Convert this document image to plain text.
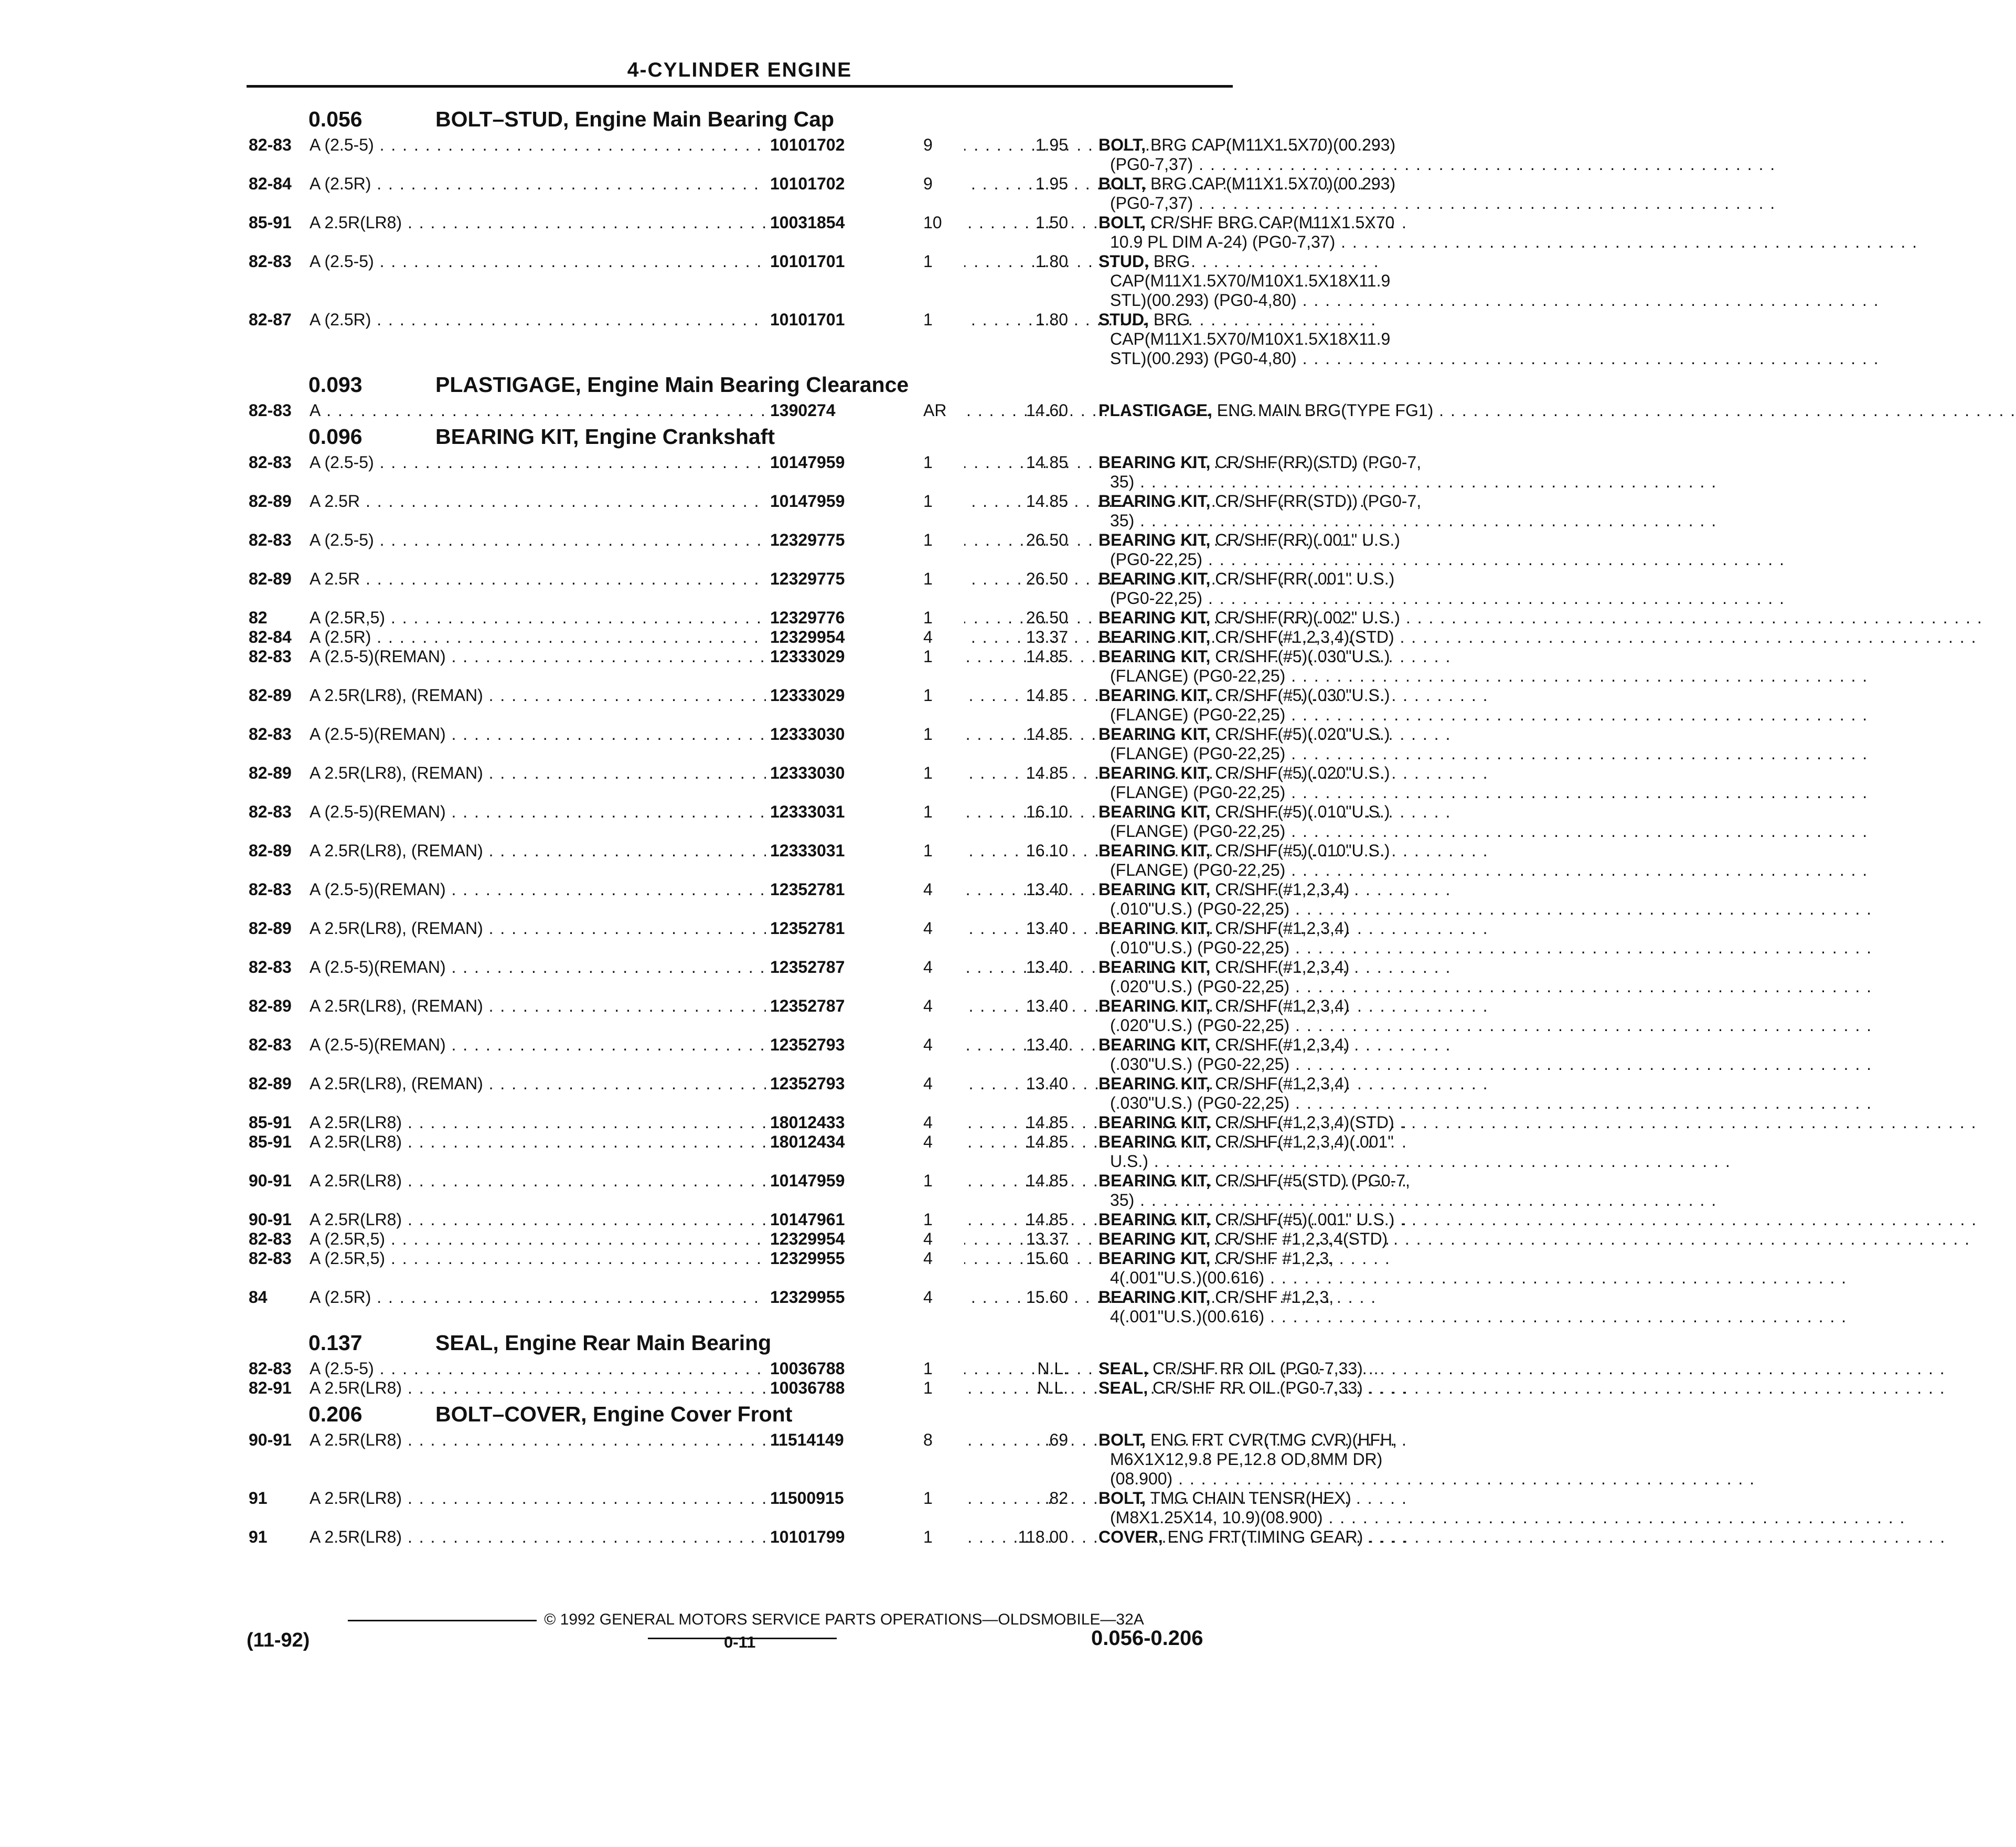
4-CYLINDER ENGINE
0.056	BOLT–STUD, Engine Main Bearing Cap
82-83 A (2.5-5) . . .	10101702	9	1.95 BOLT, BRG CAP(M11X1.5X70)(00.293)
(PG0-7,37) . . .
82-84 A (2.5R) . . .	10101702	9	1.95 BOLT, BRG CAP(M11X1.5X70)(00.293)
(PG0-7,37) . . .
85-91 A 2.5R(LR8) . . .	10031854	10	1.50 BOLT, CR/SHF BRG CAP(M11X1.5X70
10.9 PL DIM A-24) (PG0-7,37) . . .
82-83 A (2.5-5) . . .	10101701	1	1.80 STUD, BRG
CAP(M11X1.5X70/M10X1.5X18X11.9
STL)(00.293) (PG0-4,80) . . .
82-87 A (2.5R) . . .	10101701	1	1.80 STUD, BRG
CAP(M11X1.5X70/M10X1.5X18X11.9
STL)(00.293) (PG0-4,80) . . .
0.093	PLASTIGAGE, Engine Main Bearing Clearance
82-83 A . . .	1390274	AR	14.60 PLASTIGAGE, ENG MAIN BRG(TYPE FG1) . . .
0.096	BEARING KIT, Engine Crankshaft
82-83 A (2.5-5) . . .	10147959	1	14.85 BEARING KIT, CR/SHF(RR)(STD) (PG0-7,
35) . . .
82-89 A 2.5R . . .	10147959	1	14.85 BEARING KIT, CR/SHF(RR(STD)) (PG0-7,
35) . . .
82-83 A (2.5-5) . . .	12329775	1	26.50 BEARING KIT, CR/SHF(RR)(.001" U.S.)
(PG0-22,25) . . .
82-89 A 2.5R . . .	12329775	1	26.50 BEARING KIT, CR/SHF(RR(.001" U.S.)
(PG0-22,25) . . .
82	A (2.5R,5) . . .	12329776	1	26.50 BEARING KIT, CR/SHF(RR)(.002" U.S.) . . .
82-84 A (2.5R) . . .	12329954	4	13.37 BEARING KIT, CR/SHF(#1,2,3,4)(STD) . . .
82-83 A (2.5-5)(REMAN) . . .	12333029	1	14.85 BEARING KIT, CR/SHF(#5)(.030"U.S.)
(FLANGE) (PG0-22,25) . . .
82-89 A 2.5R(LR8), (REMAN) . . .	12333029	1	14.85 BEARING KIT, CR/SHF(#5)(.030"U.S.)
(FLANGE) (PG0-22,25) . . .
82-83 A (2.5-5)(REMAN) . . .	12333030	1	14.85 BEARING KIT, CR/SHF(#5)(.020"U.S.)
(FLANGE) (PG0-22,25) . . .
82-89 A 2.5R(LR8), (REMAN) . . .	12333030	1	14.85 BEARING KIT, CR/SHF(#5)(.020"U.S.)
(FLANGE) (PG0-22,25) . . .
82-83 A (2.5-5)(REMAN) . . .	12333031	1	16.10 BEARING KIT, CR/SHF(#5)(.010"U.S.)
(FLANGE) (PG0-22,25) . . .
82-89 A 2.5R(LR8), (REMAN) . . .	12333031	1	16.10 BEARING KIT, CR/SHF(#5)(.010"U.S.)
(FLANGE) (PG0-22,25) . . .
82-83 A (2.5-5)(REMAN) . . .	12352781	4	13.40 BEARING KIT, CR/SHF(#1,2,3,4)
(.010"U.S.) (PG0-22,25) . . .
82-89 A 2.5R(LR8), (REMAN) . . .	12352781	4	13.40 BEARING KIT, CR/SHF(#1,2,3,4)
(.010"U.S.) (PG0-22,25) . . .
82-83 A (2.5-5)(REMAN) . . .	12352787	4	13.40 BEARING KIT, CR/SHF(#1,2,3,4)
(.020"U.S.) (PG0-22,25) . . .
82-89 A 2.5R(LR8), (REMAN) . . .	12352787	4	13.40 BEARING KIT, CR/SHF(#1,2,3,4)
(.020"U.S.) (PG0-22,25) . . .
82-83 A (2.5-5)(REMAN) . . .	12352793	4	13.40 BEARING KIT, CR/SHF(#1,2,3,4)
(.030"U.S.) (PG0-22,25) . . .
82-89 A 2.5R(LR8), (REMAN) . . .	12352793	4	13.40 BEARING KIT, CR/SHF(#1,2,3,4)
(.030"U.S.) (PG0-22,25) . . .
85-91 A 2.5R(LR8) . . .	18012433	4	14.85 BEARING KIT, CR/SHF(#1,2,3,4)(STD) . . .
85-91 A 2.5R(LR8) . . .	18012434	4	14.85 BEARING KIT, CR/SHF(#1,2,3,4)(.001"
U.S.) . . .
90-91 A 2.5R(LR8) . . .	10147959	1	14.85 BEARING KIT, CR/SHF(#5(STD) (PG0-7,
35) . . .
90-91 A 2.5R(LR8) . . .	10147961	1	14.85 BEARING KIT, CR/SHF(#5)(.001" U.S.) . . .
82-83 A (2.5R,5) . . .	12329954	4	13.37 BEARING KIT, CR/SHF #1,2,3,4(STD) . . .
82-83 A (2.5R,5) . . .	12329955	4	15.60 BEARING KIT, CR/SHF #1,2,3,
4(.001"U.S.)(00.616) . . .
84	A (2.5R) . . .	12329955	4	15.60 BEARING KIT, CR/SHF #1,2,3,
4(.001"U.S.)(00.616) . . .
0.137	SEAL, Engine Rear Main Bearing
82-83 A (2.5-5) . . .	10036788	1	N.L. SEAL, CR/SHF RR OIL (PG0-7,33) . . .
82-91 A 2.5R(LR8) . . .	10036788	1	N.L. SEAL, CR/SHF RR OIL (PG0-7,33) . . .
0.206	BOLT–COVER, Engine Cover Front
90-91 A 2.5R(LR8) . . .	11514149	8	.69 BOLT, ENG FRT CVR(TMG CVR)(HFH,
M6X1X12,9.8 PE,12.8 OD,8MM DR)
(08.900) . . .
91	A 2.5R(LR8) . . .	11500915	1	.82 BOLT, TMG CHAIN TENSR(HEX)
(M8X1.25X14, 10.9)(08.900) . . .
91	A 2.5R(LR8) . . .	10101799	1	118.00 COVER, ENG FRT(TIMING GEAR) . . .
© 1992 GENERAL MOTORS SERVICE PARTS OPERATIONS—OLDSMOBILE—32A
(11-92)	0-11	0.056-0.206
